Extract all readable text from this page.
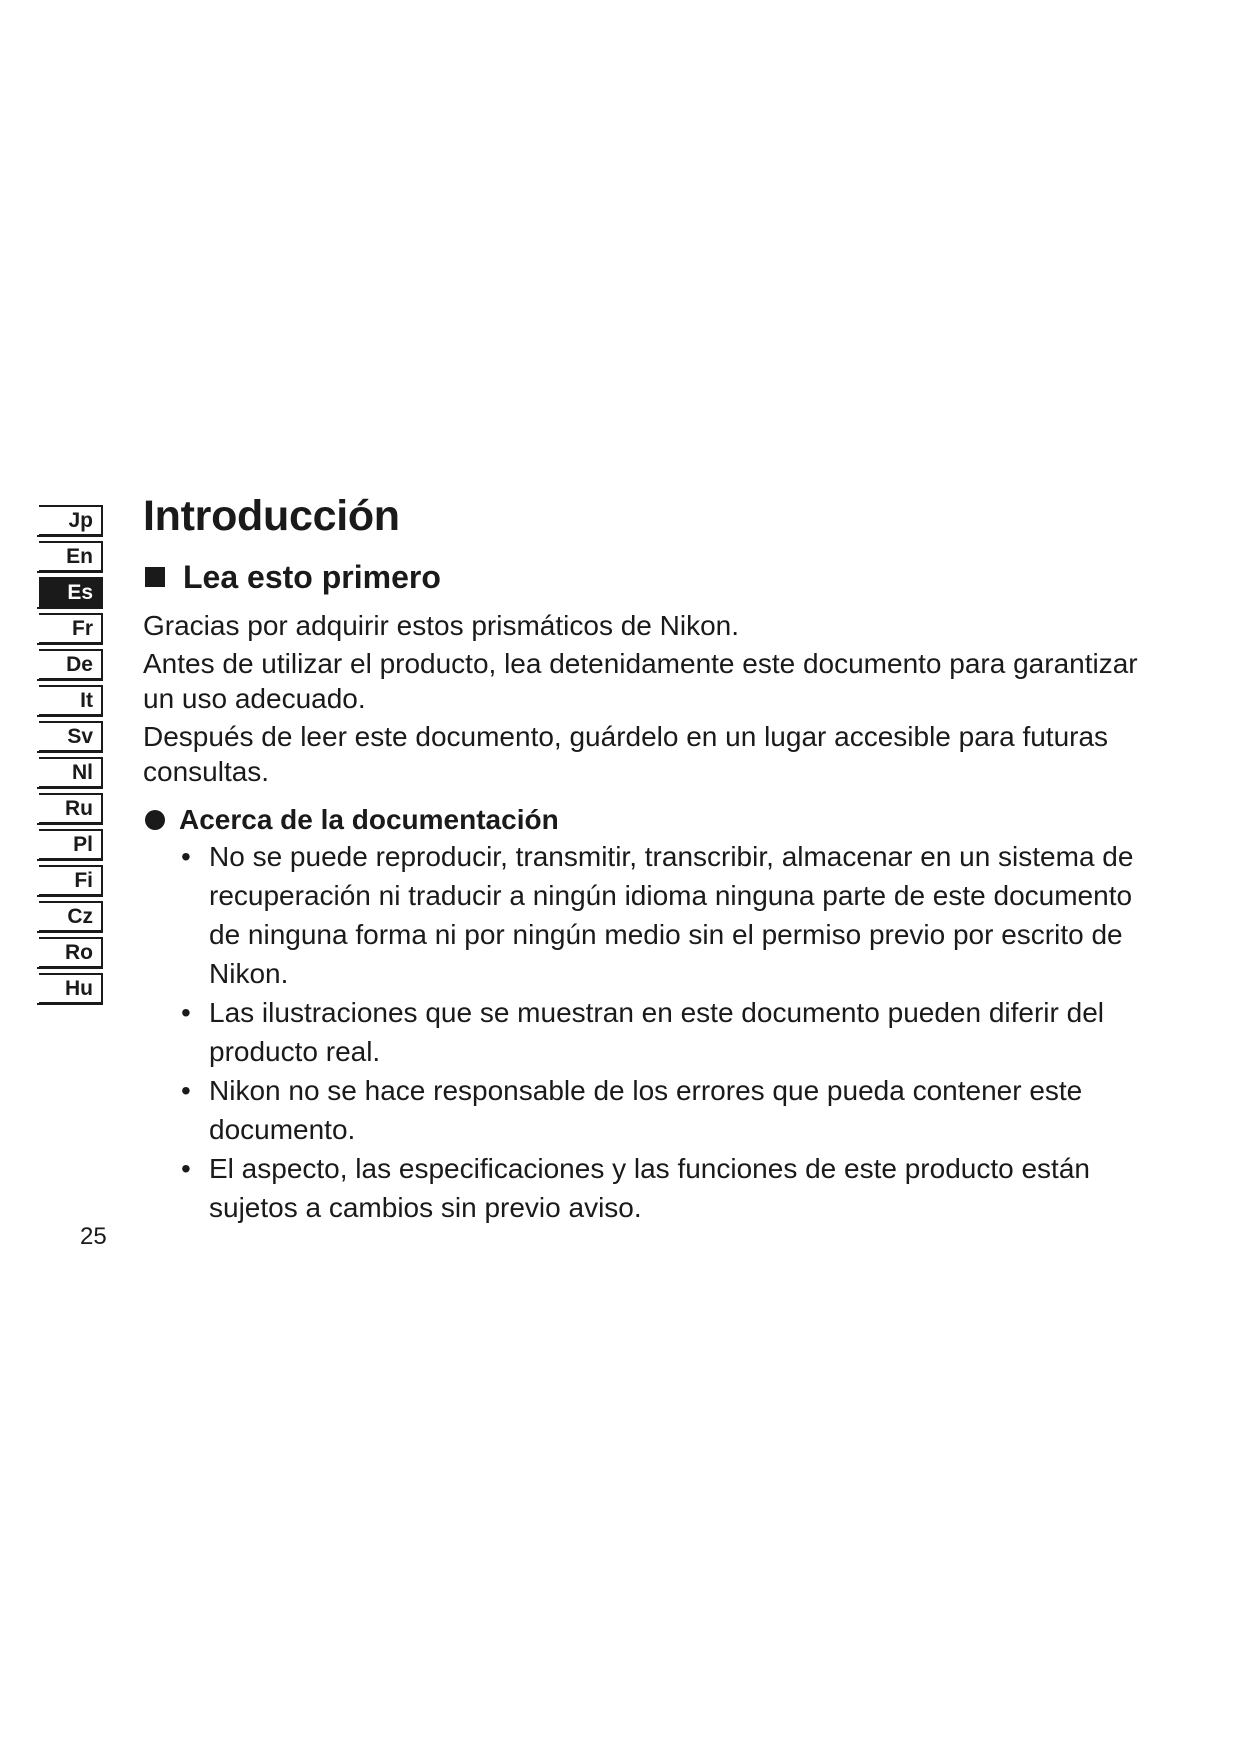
Jp
En
Es
Fr
De
It
Sv
Nl
Ru
Pl
Fi
Cz
Ro
Hu
Introducción
Lea esto primero

Gracias por adquirir estos prismáticos de Nikon.

Antes de utilizar el producto, lea detenidamente este documento para garantizar un uso adecuado.

Después de leer este documento, guárdelo en un lugar accesible para futuras consultas.

Acerca de la documentación
• No se puede reproducir, transmitir, transcribir, almacenar en un sistema de recuperación ni traducir a ningún idioma ninguna parte de este documento de ninguna forma ni por ningún medio sin el permiso previo por escrito de Nikon.
• Las ilustraciones que se muestran en este documento pueden diferir del producto real.
• Nikon no se hace responsable de los errores que pueda contener este documento.
• El aspecto, las especificaciones y las funciones de este producto están sujetos a cambios sin previo aviso.
25
